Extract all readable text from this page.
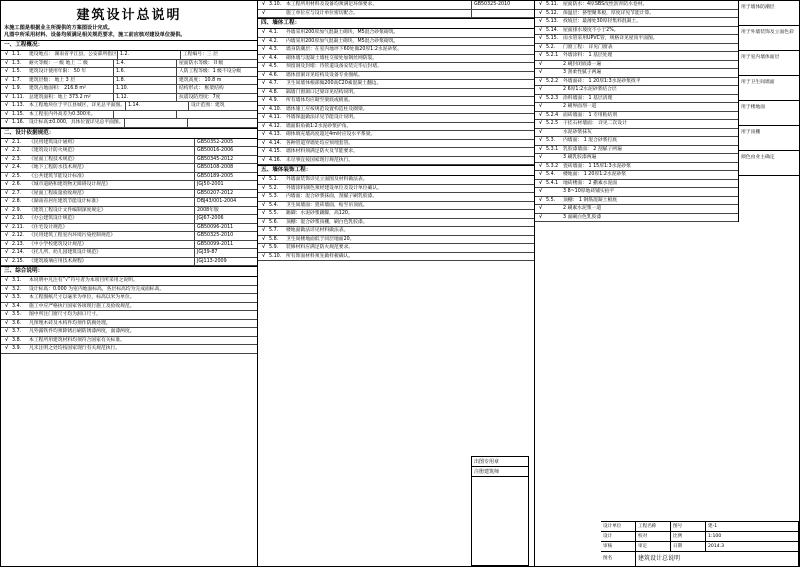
建筑设计总说明
本施工图是根据业主所提供的方案图设计完成。
凡图中所采用材料、设备均须满足相关规范要求，施工前应核对建设单位提供。
一、工程概况：
√ 1.1.	建设地点： 湖南省平江县，公安部所指区 1.2.	工程编号：三 层
√ 1.3.	耐火等级：一 级 地上 二 级	1.4.	屋面防水等级： II 级
√ 1.5.	建筑设计使用年限： 50 年	1.6.	人防工程等级：1 级不设分级
√ 1.7.	建筑层数： 地上 3 层	1.8.	建筑高度： 10.8 m
√ 1.9.	建筑占地面积： 216.8 m²	1.10.	结构形式： 框架结构
√ 1.11. 总建筑面积：地上 373.2 m²	1.12.	抗震设防烈度：7度
√ 1.13. 本工程地块位于平江县城区，详见总平面图。 1.14.	设计范围：建筑
√ 1.15. 本工程室内外高差为0.300米。
√ 1.16. 设计标高±0.000，具体位置详见总平面图。
二、设计依据规范：
√ 2.1.	《民用建筑设计通则》	GB50352-2005
√ 2.2.	《建筑设计防火规范》	GB50016-2006
√ 2.3.	《屋面工程技术规范》	GB50345-2012
√ 2.4.	《地下工程防水技术规范》	GB50108-2008
√ 2.5.	《公共建筑节能设计标准》	GB50189-2005
√ 2.6.	《城市道路和建筑物无障碍设计规范》	JGJ50-2001
√ 2.7.	《屋面工程质量验收规范》	GB50207-2012
√ 2.8.	《湖南省居住建筑节能设计标准》	DBJ43/001-2004
√ 2.9.	《建筑工程设计文件编制深度规定》	2008年版
√ 2.10. 《办公建筑设计规范》	JGJ67-2006
√ 2.11. 《住宅设计规范》	GB50096-2011
√ 2.12. 《民用建筑工程室内环境污染控制规范》	GB50325-2010
√ 2.13. 《中小学校建筑设计规范》	GB50099-2011
√ 2.14. 《托儿所、幼儿园建筑设计规范》	JGJ39-87
√ 2.15. 《建筑玻璃应用技术规程》	JGJ113-2009
三、综合说明：
√ 3.1.	本说明中凡注有“√”符号者为本项目所采用之说明。
√ 3.2.	设计标高：0.000 为室内地面标高，各层标高均为完成面标高。
√ 3.3.	本工程图纸尺寸以毫米为单位，标高以米为单位。
√ 3.4.	施工中应严格执行国家各项现行施工及验收规范。
√ 3.5.	图中所注门窗尺寸均为洞口尺寸。
√ 3.6.	凡预埋木砖及木构件均须作防腐处理。
√ 3.7.	凡外露铁件均须除锈后刷防锈漆两度，面漆两度。
√ 3.8.	本工程所用建筑材料均须符合国家有关标准。
√ 3.9.	凡未注明之处均按国家现行有关规范执行。
√ 3.10. 本工程所用材料及设备均须满足环保要求。	GB50325-2010
√	施工单位应与设计单位密切配合。
四、墙体工程：
√ 4.1.	外墙采用200厚加气混凝土砌块，M5混合砂浆砌筑。
√ 4.2.	内墙采用200厚加气混凝土砌块，M5混合砂浆砌筑。
√ 4.3.	墙身防潮层：在室内地坪下60处做20厚1:2水泥砂浆。
√ 4.4.	砌体墙与混凝土墙柱交接处加钢丝网防裂。
√ 4.5.	预留洞及封堵：待管道设备安装完毕后封堵。
√ 4.6.	墙体留洞详见结构及设备专业图纸。
√ 4.7.	卫生间墙体根部做200高C20素混凝土翻边。
√ 4.8.	隔墙门窗洞口过梁详见结构说明。
√ 4.9.	所有墙体均应砌至梁底或板底。
√ 4.10. 墙体施工应按规范设置构造柱及圈梁。
√ 4.11. 外墙保温做法详见节能设计说明。
√ 4.12. 墙面阳角做1:2水泥砂浆护角。
√ 4.13. 砌体填充墙高度超过4m时应设水平系梁。
√ 4.14. 各种管道穿墙处均应预埋套管。
√ 4.15. 墙体材料须满足防火及节能要求。
√ 4.16. 未尽事宜按国家现行规范执行。
五、墙体装饰工程：
√ 5.1.	外墙面装饰详见立面图及材料做法表。
√ 5.2.	外墙涂料颜色须经建设单位及设计单位确认。
√ 5.3.	内墙面：混合砂浆抹面，刮腻子刷乳胶漆。
√ 5.4.	卫生间墙面：瓷砖墙面，贴至吊顶底。
√ 5.5.	踢脚：水泥砂浆踢脚，高120。
√ 5.6.	顶棚：混合砂浆顶棚，刷白色乳胶漆。
√ 5.7.	楼地面做法详见材料做法表。
√ 5.8.	卫生间楼地面低于同层地面20。
√ 5.9.	装修材料应满足防火规范要求。
√ 5.10. 所有饰面材料须先做样板确认。
√ 5.11. 屋面防水：4厚SBS改性沥青防水卷材。
√ 5.12. 保温层：挤塑聚苯板，厚度详见节能计算。
√ 5.13. 找坡层：最薄处30厚轻集料混凝土。
√ 5.14. 屋面排水坡度不小于2%。
√ 5.15. 雨水管采用UPVC管，规格详见屋顶平面图。
√ 5.2.	门窗工程： 详见门窗表
√ 5.2.1 外墙涂料： 1 基层处理
√	2 刷封闭底漆一遍
√	3 刮柔性腻子两遍
√ 5.2.2 外墙面砖： 1 20厚1:3水泥砂浆找平
√	2 6厚1:2水泥砂浆结合层
√ 5.2.3 涂料墙面： 1 基层清理
√	2 刷界面剂一道
√ 5.2.4 面砖墙面： 1 专用粘结剂
√ 5.2.5 干挂石材墙面： 详见二次设计
√	水泥砂浆抹灰
√ 5.3.	内墙面： 1 混合砂浆打底
√ 5.3.1 乳胶漆墙面： 2 刮腻子两遍
√	3 刷乳胶漆两遍
√ 5.3.2 瓷砖墙面： 1 15厚1:3水泥砂浆
√ 5.4.	楼地面： 1 20厚1:2水泥砂浆
√ 5.4.1 地砖楼面： 2 撒素水泥面
√	3 8~10厚地砖铺实拍平
√ 5.5.	顶棚： 1 钢筋混凝土板底
√	2 刷素水泥浆一道
√	3 面刷白色乳胶漆
用于墙体防潮层
用于外墙装饰及立面色彩
用于室内墙体面层
用于卫生间墙面
用于楼地面
用于顶棚
颜色由业主确定
出图专用章
注册建筑师
设计单位	工程名称	图号	建-1
设计	校对	比例	1:100
审核	审定	日期	2014.3
图名	建筑设计总说明
